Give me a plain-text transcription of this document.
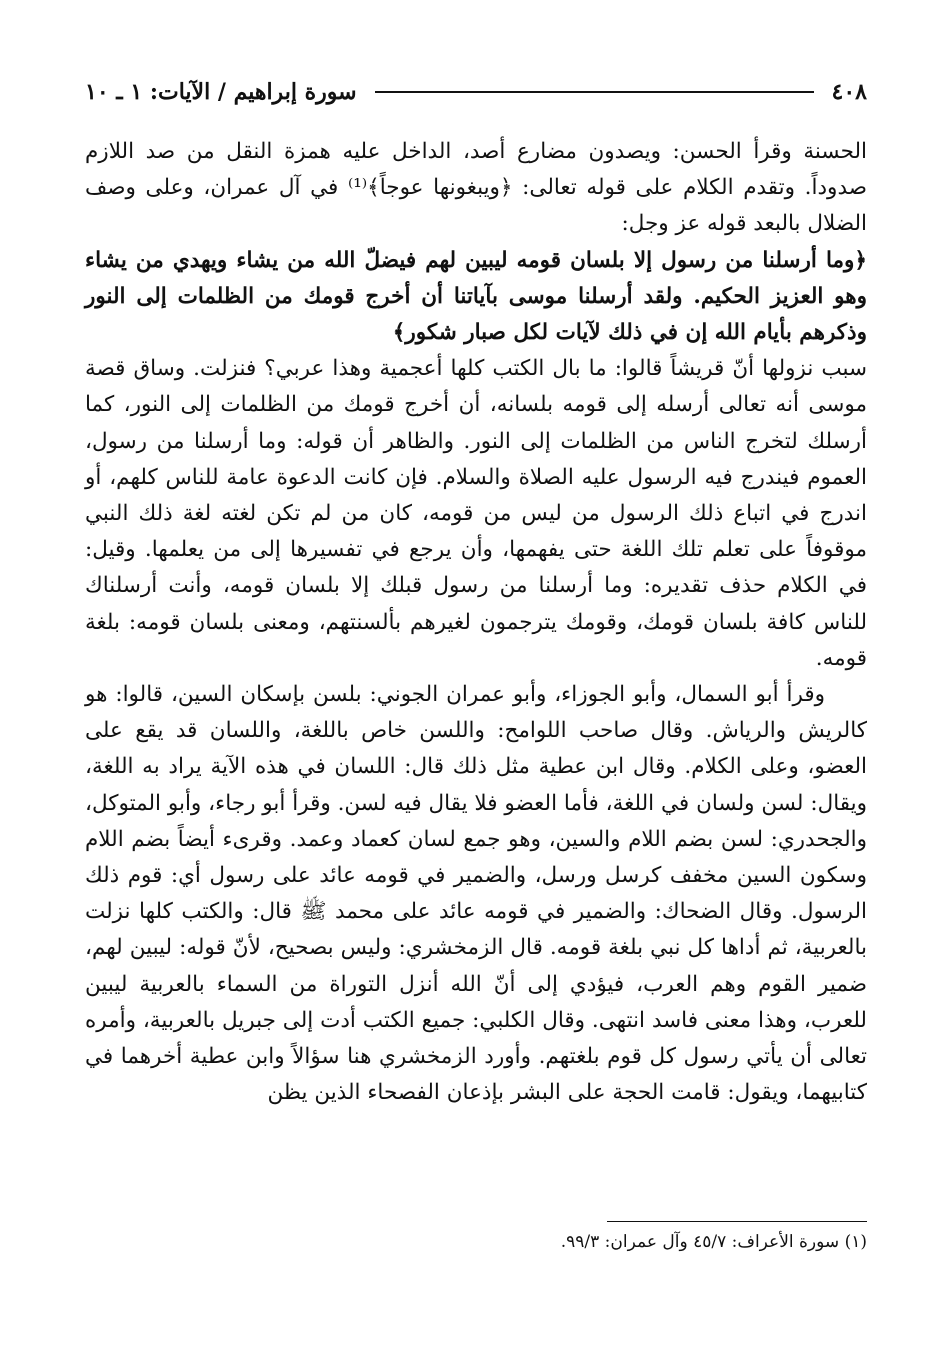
٤٠٨
سورة إبراهيم / الآيات: ١ ـ ١٠

الحسنة وقرأ الحسن: ويصدون مضارع أصد، الداخل عليه همزة النقل من صد اللازم صدوداً. وتقدم الكلام على قوله تعالى: ﴿ويبغونها عوجاً﴾⁽¹⁾ في آل عمران، وعلى وصف الضلال بالبعد قوله عز وجل:

﴿وما أرسلنا من رسول إلا بلسان قومه ليبين لهم فيضلّ الله من يشاء ويهدي من يشاء وهو العزيز الحكيم. ولقد أرسلنا موسى بآياتنا أن أخرج قومك من الظلمات إلى النور وذكرهم بأيام الله إن في ذلك لآيات لكل صبار شكور﴾

سبب نزولها أنّ قريشاً قالوا: ما بال الكتب كلها أعجمية وهذا عربي؟ فنزلت. وساق قصة موسى أنه تعالى أرسله إلى قومه بلسانه، أن أخرج قومك من الظلمات إلى النور، كما أرسلك لتخرج الناس من الظلمات إلى النور. والظاهر أن قوله: وما أرسلنا من رسول، العموم فيندرج فيه الرسول عليه الصلاة والسلام. فإن كانت الدعوة عامة للناس كلهم، أو اندرج في اتباع ذلك الرسول من ليس من قومه، كان من لم تكن لغته لغة ذلك النبي موقوفاً على تعلم تلك اللغة حتى يفهمها، وأن يرجع في تفسيرها إلى من يعلمها. وقيل: في الكلام حذف تقديره: وما أرسلنا من رسول قبلك إلا بلسان قومه، وأنت أرسلناك للناس كافة بلسان قومك، وقومك يترجمون لغيرهم بألسنتهم، ومعنى بلسان قومه: بلغة قومه.

وقرأ أبو السمال، وأبو الجوزاء، وأبو عمران الجوني: بلسن بإسكان السين، قالوا: هو كالريش والرياش. وقال صاحب اللوامح: واللسن خاص باللغة، واللسان قد يقع على العضو، وعلى الكلام. وقال ابن عطية مثل ذلك قال: اللسان في هذه الآية يراد به اللغة، ويقال: لسن ولسان في اللغة، فأما العضو فلا يقال فيه لسن. وقرأ أبو رجاء، وأبو المتوكل، والجحدري: لسن بضم اللام والسين، وهو جمع لسان كعماد وعمد. وقرىء أيضاً بضم اللام وسكون السين مخفف كرسل ورسل، والضمير في قومه عائد على رسول أي: قوم ذلك الرسول. وقال الضحاك: والضمير في قومه عائد على محمد ﷺ قال: والكتب كلها نزلت بالعربية، ثم أداها كل نبي بلغة قومه. قال الزمخشري: وليس بصحيح، لأنّ قوله: ليبين لهم، ضمير القوم وهم العرب، فيؤدي إلى أنّ الله أنزل التوراة من السماء بالعربية ليبين للعرب، وهذا معنى فاسد انتهى. وقال الكلبي: جميع الكتب أدت إلى جبريل بالعربية، وأمره تعالى أن يأتي رسول كل قوم بلغتهم. وأورد الزمخشري هنا سؤالاً وابن عطية أخرهما في كتابيهما، ويقول: قامت الحجة على البشر بإذعان الفصحاء الذين يظن

(١) سورة الأعراف: ٤٥/٧ وآل عمران: ٩٩/٣.
